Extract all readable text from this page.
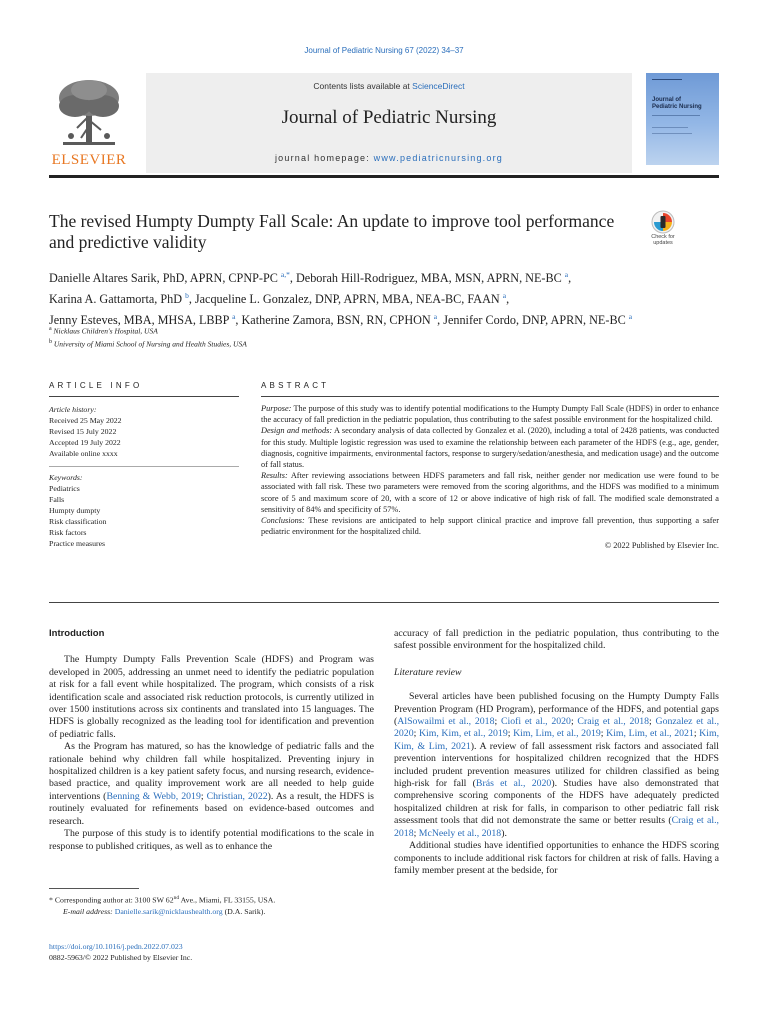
Journal of Pediatric Nursing 67 (2022) 34–37
ELSEVIER
Contents lists available at ScienceDirect
Journal of Pediatric Nursing
journal homepage: www.pediatricnursing.org
Journal of
Pediatric Nursing
The revised Humpty Dumpty Fall Scale: An update to improve tool performance and predictive validity	Check for updates
Danielle Altares Sarik, PhD, APRN, CPNP-PC $^{a,*}$, Deborah Hill-Rodriguez, MBA, MSN, APRN, NE-BC $^a$,
Karina A. Gattamorta, PhD $^b$, Jacqueline L. Gonzalez, DNP, APRN, MBA, NEA-BC, FAAN $^a$,
Jenny Esteves, MBA, MHSA, LBBP $^a$, Katherine Zamora, BSN, RN, CPHON $^a$, Jennifer Cordo, DNP, APRN, NE-BC $^a$
$^a$ Nicklaus Children's Hospital, USA
$^b$ University of Miami School of Nursing and Health Studies, USA
ARTICLE INFO	ABSTRACT
Article history:
Received 25 May 2022
Revised 15 July 2022
Accepted 19 July 2022
Available online xxxx
Keywords:
Pediatrics
Falls
Humpty dumpty
Risk classification
Risk factors
Practice measures

Purpose: The purpose of this study was to identify potential modifications to the Humpty Dumpty Fall Scale (HDFS) in order to enhance the accuracy of fall prediction in the pediatric population, thus contributing to the safest possible environment for the hospitalized child.

Design and methods: A secondary analysis of data collected by Gonzalez et al. (2020), including a total of 2428 patients, was conducted for this study. Multiple logistic regression was used to examine the relationship between each parameter of the HDFS (e.g., age, gender, diagnosis, cognitive impairments, environmental factors, response to surgery/sedation/anesthesia, and medication usage) and the outcome of fall status.

Results: After reviewing associations between HDFS parameters and fall risk, neither gender nor medication use were found to be associated with fall risk. These two parameters were removed from the scoring algorithms, and the HDFS was modified to a minimum score of 5 and maximum score of 20, with a score of 12 or above indicative of high risk of fall. The modified scale demonstrated a sensitivity of 84% and specificity of 57%.

Conclusions: These revisions are anticipated to help support clinical practice and improve fall prevention, thus supporting a safer pediatric environment for the hospitalized child.

© 2022 Published by Elsevier Inc.

Introduction

The Humpty Dumpty Falls Prevention Scale (HDFS) and Program was developed in 2005, addressing an unmet need to identify the pediatric population at risk for a fall event while hospitalized. The program, which consists of a risk identification scale and associated risk reduction protocols, is currently utilized in over 1500 institutions across six continents and translated into 15 languages. The HDFS is globally recognized as the leading tool for identification and prevention of pediatric falls.

As the Program has matured, so has the knowledge of pediatric falls and the rationale behind why children fall while hospitalized. Preventing injury in hospitalized children is a key patient safety focus, and nursing research, evidence-based practice, and quality improvement work are all needed to help guide interventions (Benning & Webb, 2019; Christian, 2022). As a result, the HDFS is routinely evaluated for refinements based on evidence-based outcomes and research.

The purpose of this study is to identify potential modifications to the scale in response to published critiques, as well as to enhance the

accuracy of fall prediction in the pediatric population, thus contributing to the safest possible environment for the hospitalized child.

Literature review

Several articles have been published focusing on the Humpty Dumpty Falls Prevention Program (HD Program), performance of the HDFS, and potential gaps (AlSowailmi et al., 2018; Ciofi et al., 2020; Craig et al., 2018; Gonzalez et al., 2020; Kim, Kim, et al., 2019; Kim, Lim, et al., 2019; Kim, Lim, et al., 2021; Kim, Kim, & Lim, 2021). A review of fall assessment risk factors and associated fall prevention interventions for hospitalized children recognized that the HDFS included prudent prevention measures utilized for children classified as being high-risk for fall (Brás et al., 2020). Studies have also demonstrated that comprehensive scoring components of the HDFS have adequately predicted hospitalized children at risk for falls, in comparison to other pediatric fall risk assessment tools that did not demonstrate the same or better results (Craig et al., 2018; McNeely et al., 2018).

Additional studies have identified opportunities to enhance the HDFS scoring components to include additional risk factors for children at risk of falls. Having a family member present at the bedside, for

* Corresponding author at: 3100 SW 62nd Ave., Miami, FL 33155, USA.
E-mail address: Danielle.sarik@nicklaushealth.org (D.A. Sarik).
https://doi.org/10.1016/j.pedn.2022.07.023
0882-5963/© 2022 Published by Elsevier Inc.
